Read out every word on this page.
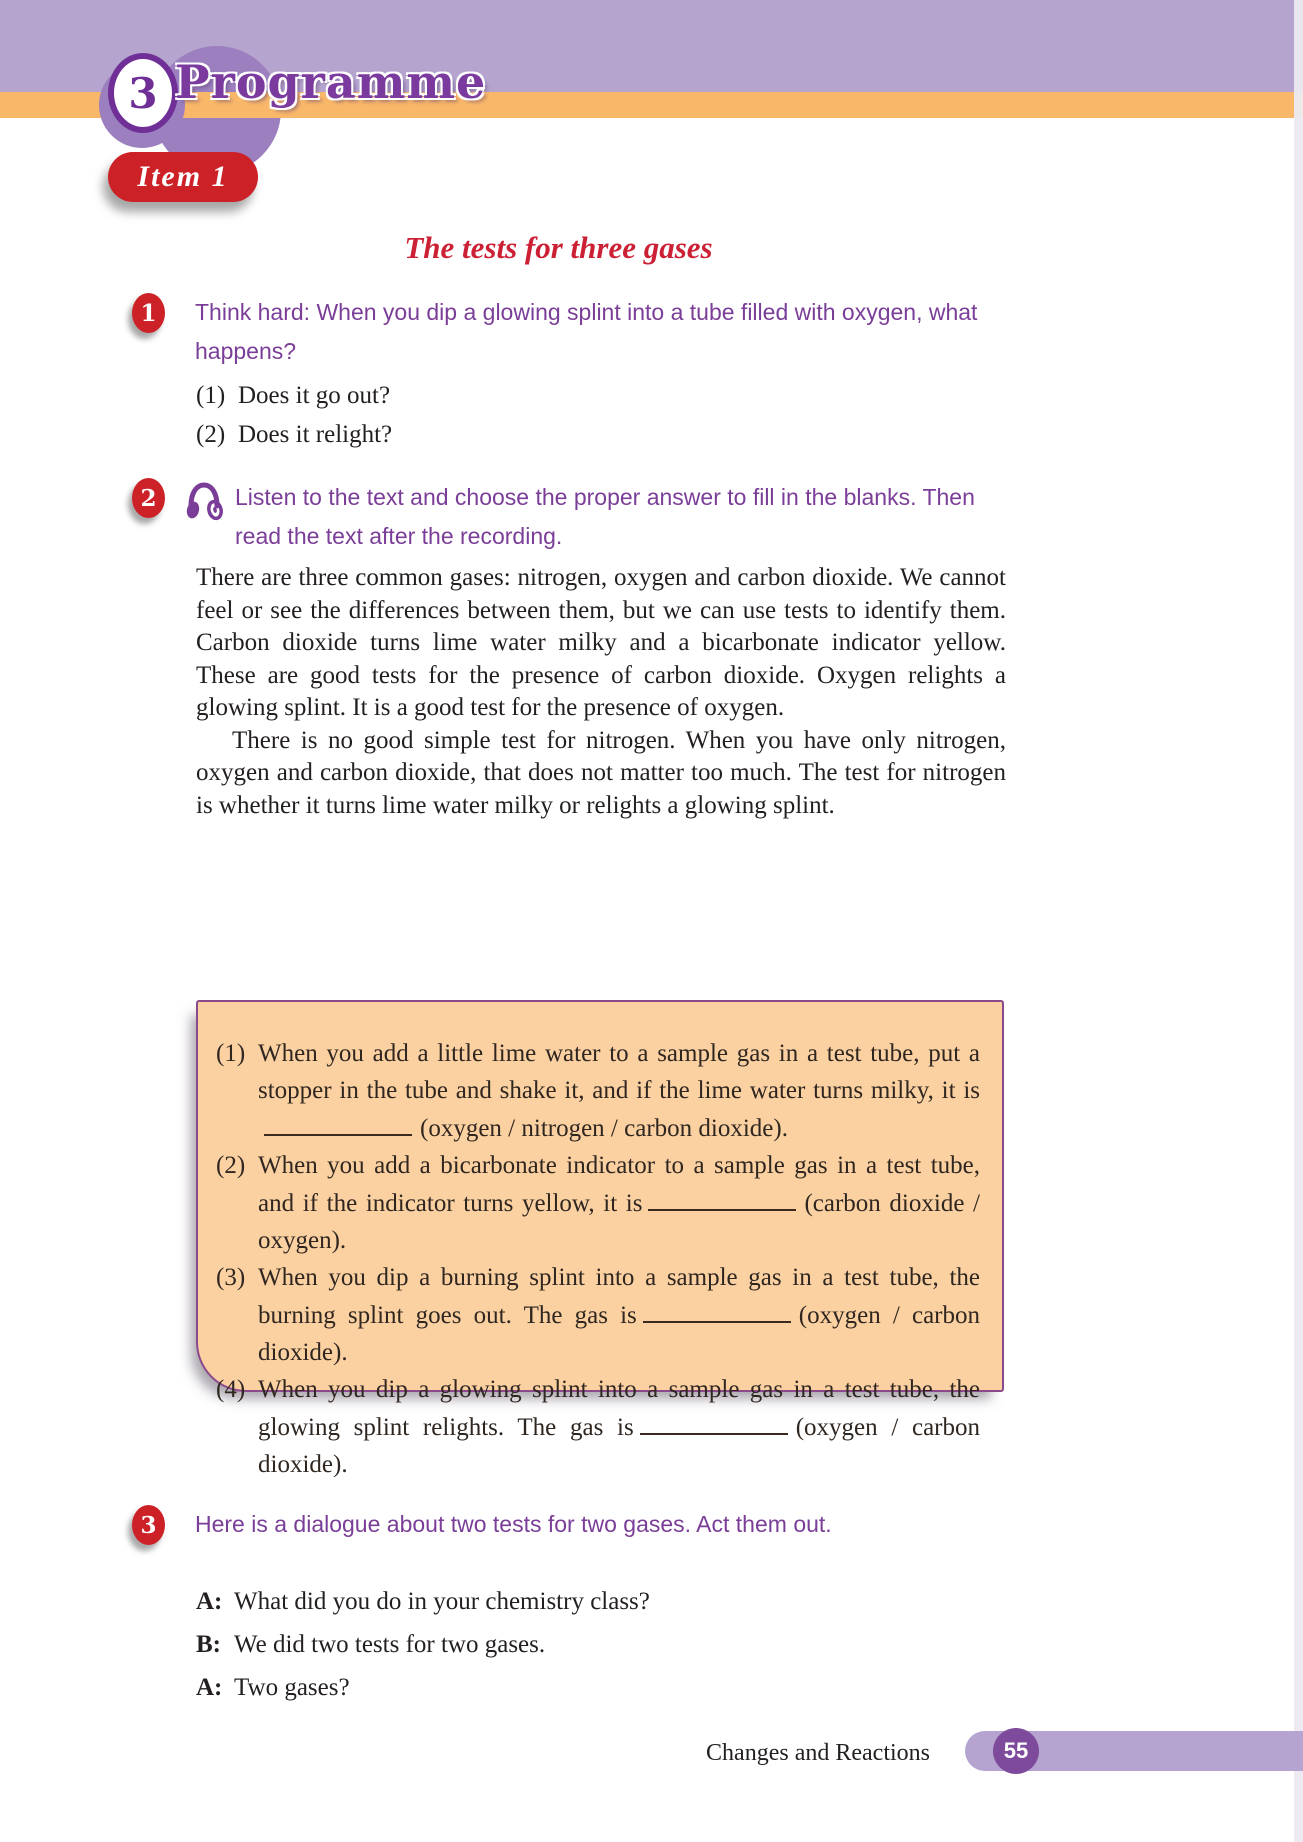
3 Programme
Item 1
The tests for three gases
1	Think hard: When you dip a glowing splint into a tube filled with oxygen, what happens?
(1) Does it go out?
(2) Does it relight?
2	Listen to the text and choose the proper answer to fill in the blanks. Then read the text after the recording.

There are three common gases: nitrogen, oxygen and carbon dioxide. We cannot feel or see the differences between them, but we can use tests to identify them. Carbon dioxide turns lime water milky and a bicarbonate indicator yellow. These are good tests for the presence of carbon dioxide. Oxygen relights a glowing splint. It is a good test for the presence of oxygen.

There is no good simple test for nitrogen. When you have only nitrogen, oxygen and carbon dioxide, that does not matter too much. The test for nitrogen is whether it turns lime water milky or relights a glowing splint.

(1) When you add a little lime water to a sample gas in a test tube, put a stopper in the tube and shake it, and if the lime water turns milky, it is(oxygen / nitrogen / carbon dioxide).
(2) When you add a bicarbonate indicator to a sample gas in a test tube, and if the indicator turns yellow, it is	(carbon dioxide / oxygen).
(3) When you dip a burning splint into a sample gas in a test tube, the burning splint goes out. The gas is	(oxygen / carbon dioxide).
(4) When you dip a glowing splint into a sample gas in a test tube, the glowing splint relights. The gas is	(oxygen / carbon dioxide).
3	Here is a dialogue about two tests for two gases. Act them out.
A: What did you do in your chemistry class?
B: We did two tests for two gases.
A: Two gases?
Changes and Reactions	55
